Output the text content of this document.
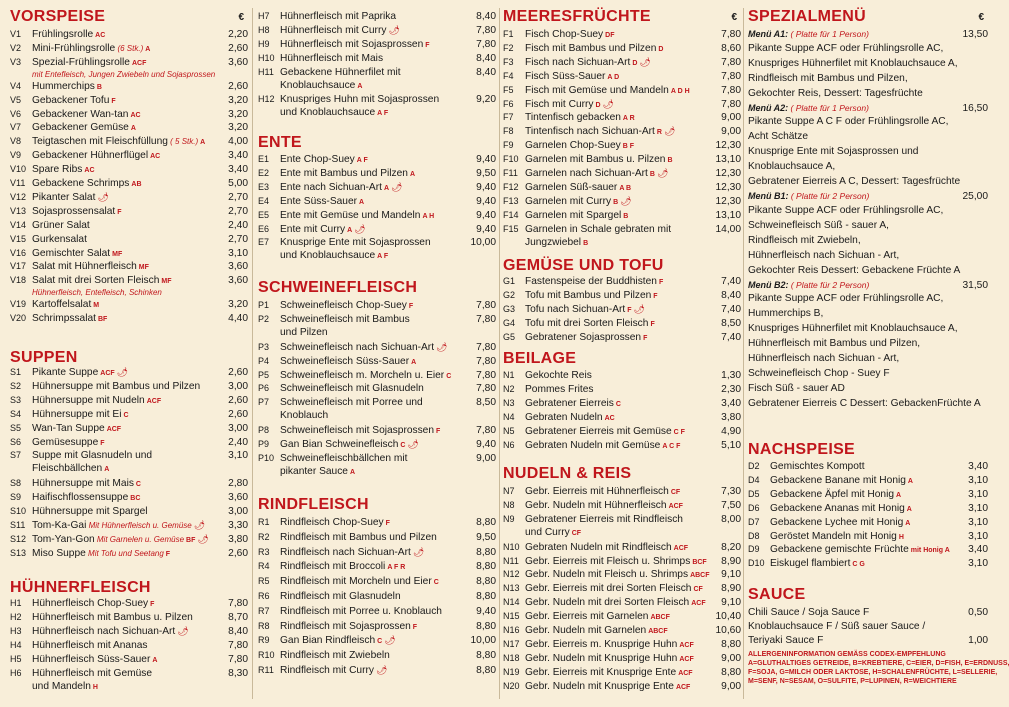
VORSPEISE	€
V1 Frühlingsrolle AC	2,20
V2 Mini-Frühlingsrolle (6 Stk.) A	2,60
V3 Spezial-Frühlingsrolle ACF	3,60
mit Entefleisch, Jungen Zwiebeln und Sojasprossen
V4 Hummerchips B	2,60
V5 Gebackener Tofu F	3,20
V6 Gebackener Wan-tan AC	3,20
V7 Gebackener Gemüse A	3,20
V8 Teigtaschen mit Fleischfüllung ( 5 Stk.) A	4,00
V9 Gebackener Hühnerflügel AC	3,40
V10 Spare Ribs AC	3,40
V11 Gebackene Schrimps AB	5,00
V12 Pikanter Salat 🌶	2,70
V13 Sojasprossensalat F	2,70
V14 Grüner Salat	2,40
V15 Gurkensalat	2,70
V16 Gemischter Salat MF	3,10
V17 Salat mit Hühnerfleisch MF	3,60
V18 Salat mit drei Sorten Fleisch MF	3,60
Hühnerfleisch, Entefleisch, Schinken
V19 Kartoffelsalat M	3,20
V20 Schrimpssalat BF	4,40
SUPPEN
S1 Pikante Suppe ACF 🌶	2,60
S2 Hühnersuppe mit Bambus und Pilzen	3,00
S3 Hühnersuppe mit Nudeln ACF	2,60
S4 Hühnersuppe mit Ei C	2,60
S5 Wan-Tan Suppe ACF	3,00
S6 Gemüsesuppe F	2,40
S7 Suppe mit Glasnudeln und
Fleischbällchen A
3,10
S8 Hühnersuppe mit Mais C	2,80
S9 Haifischflossensuppe BC	3,60
S10 Hühnersuppe mit Spargel	3,00
S11 Tom-Ka-Gai Mit Hühnerfleisch u. Gemüse 🌶	3,30
S12 Tom-Yan-Gon Mit Garnelen u. Gemüse BF 🌶	3,80
S13 Miso Suppe Mit Tofu und Seetang F	2,60
HÜHNERFLEISCH
H1 Hühnerfleisch Chop-Suey F	7,80
H2 Hühnerfleisch mit Bambus u. Pilzen	8,70
H3 Hühnerfleisch nach Sichuan-Art 🌶	8,40
H4 Hühnerfleisch mit Ananas	7,80
H5 Hühnerfleisch Süss-Sauer A	7,80
H6 Hühnerfleisch mit Gemüse
und Mandeln H
8,30
H7 Hühnerfleisch mit Paprika	8,40
H8 Hühnerfleisch mit Curry 🌶	7,80
H9 Hühnerfleisch mit Sojasprossen F	7,80
H10 Hühnerfleisch mit Mais	8,40
H11 Gebackene Hühnerfilet mit
Knoblauchsauce A
8,40
H12 Knuspriges Huhn mit Sojasprossen
und Knoblauchsauce A F
9,20
ENTE
E1 Ente Chop-Suey A F	9,40
E2 Ente mit Bambus und Pilzen A	9,50
E3 Ente nach Sichuan-Art A 🌶	9,40
E4 Ente Süss-Sauer A	9,40
E5 Ente mit Gemüse und Mandeln A H	9,40
E6 Ente mit Curry A 🌶	9,40
E7 Knusprige Ente mit Sojasprossen
und Knoblauchsauce A F
10,00
SCHWEINEFLEISCH
P1 Schweinefleisch Chop-Suey F	7,80
P2 Schweinefleisch mit Bambus
und Pilzen
7,80
P3 Schweinefleisch nach Sichuan-Art 🌶	7,80
P4 Schweinefleisch Süss-Sauer A	7,80
P5 Schweinefleisch m. Morcheln u. Eier C	7,80
P6 Schweinefleisch mit Glasnudeln	7,80
P7 Schweinefleisch mit Porree und
Knoblauch
8,50
P8 Schweinefleisch mit Sojasprossen F	7,80
P9 Gan Bian Schweinefleisch C 🌶	9,40
P10 Schweinefleischbällchen mit
pikanter Sauce A
9,00
RINDFLEISCH
R1 Rindfleisch Chop-Suey F	8,80
R2 Rindfleisch mit Bambus und Pilzen	9,50
R3 Rindfleisch nach Sichuan-Art 🌶	8,80
R4 Rindfleisch mit Broccoli A F R	8,80
R5 Rindfleisch mit Morcheln und Eier C	8,80
R6 Rindfleisch mit Glasnudeln	8,80
R7 Rindfleisch mit Porree u. Knoblauch	9,40
R8 Rindfleisch mit Sojasprossen F	8,80
R9 Gan Bian Rindfleisch C 🌶	10,00
R10 Rindfleisch mit Zwiebeln	8,80
R11 Rindfleisch mit Curry 🌶	8,80
MEERESFRÜCHTE	€
F1 Fisch Chop-Suey DF	7,80
F2 Fisch mit Bambus und Pilzen D	8,60
F3 Fisch nach Sichuan-Art D 🌶	7,80
F4 Fisch Süss-Sauer A D	7,80
F5 Fisch mit Gemüse und Mandeln A D H	7,80
F6 Fisch mit Curry D 🌶	7,80
F7 Tintenfisch gebacken A R	9,00
F8 Tintenfisch nach Sichuan-Art R 🌶	9,00
F9 Garnelen Chop-Suey B F	12,30
F10 Garnelen mit Bambus u. Pilzen B	13,10
F11 Garnelen nach Sichuan-Art B 🌶	12,30
F12 Garnelen Süß-sauer A B	12,30
F13 Garnelen mit Curry B 🌶	12,30
F14 Garnelen mit Spargel B	13,10
F15 Garnelen in Schale gebraten mit
Jungzwiebel B
14,00
GEMÜSE UND TOFU
G1 Fastenspeise der Buddhisten F	7,40
G2 Tofu mit Bambus und Pilzen F	8,40
G3 Tofu nach Sichuan-Art F 🌶	7,40
G4 Tofu mit drei Sorten Fleisch F	8,50
G5 Gebratener Sojasprossen F	7,40
BEILAGE
N1 Gekochte Reis	1,30
N2 Pommes Frites	2,30
N3 Gebratener Eierreis C	3,40
N4 Gebraten Nudeln AC	3,80
N5 Gebratener Eierreis mit Gemüse C F	4,90
N6 Gebraten Nudeln mit Gemüse A C F	5,10
NUDELN & REIS
N7 Gebr. Eierreis mit Hühnerfleisch CF	7,30
N8 Gebr. Nudeln mit Hühnerfleisch ACF	7,50
N9 Gebratener Eierreis mit Rindfleisch
und Curry CF
8,00
N10 Gebraten Nudeln mit Rindfleisch ACF	8,20
N11 Gebr. Eierreis mit Fleisch u. Shrimps BCF 8,90
N12 Gebr. Nudeln mit Fleisch u. Shrimps ABCF 9,10
N13 Gebr. Eierreis mit drei Sorten Fleisch CF	8,90
N14 Gebr. Nudeln mit drei Sorten Fleisch ACF 9,10
N15 Gebr. Eierreis mit Garnelen ABCF	10,40
N16 Gebr. Nudeln mit Garnelen ABCF	10,60
N17 Gebr. Eierreis m. Knusprige Huhn ACF	8,80
N18 Gebr. Nudeln mit Knusprige Huhn ACF	9,00
N19 Gebr. Eierreis mit Knusprige Ente ACF	8,80
N20 Gebr. Nudeln mit Knusprige Ente ACF	9,00
SPEZIALMENÜ	€
Menü A1: ( Platte für 1 Person)	13,50
Pikante Suppe ACF oder Frühlingsrolle AC,
Knuspriges Hühnerfilet mit Knoblauchsauce A,
Rindfleisch mit Bambus und Pilzen,
Gekochter Reis, Dessert: Tagesfrüchte
Menü A2: ( Platte für 1 Person)	16,50
Pikante Suppe A C F oder Frühlingsrolle AC,
Acht Schätze
Knusprige Ente mit Sojasprossen und
Knoblauchsauce A,
Gebratener Eierreis A C, Dessert: Tagesfrüchte
Menü B1: ( Platte für 2 Person)	25,00
Pikante Suppe ACF oder Frühlingsrolle AC,
Schweinefleisch Süß - sauer A,
Rindfleisch mit Zwiebeln,
Hühnerfleisch nach Sichuan - Art,
Gekochter Reis Dessert: Gebackene Früchte A
Menü B2: ( Platte für 2 Person)	31,50
Pikante Suppe ACF oder Frühlingsrolle AC,
Hummerchips B,
Knuspriges Hühnerfilet mit Knoblauchsauce A,
Hühnerfleisch mit Bambus und Pilzen,
Hühnerfleisch nach Sichuan - Art,
Schweinefleisch Chop - Suey F
Fisch Süß - sauer AD
Gebratener Eierreis C Dessert: GebackenFrüchte A
NACHSPEISE
D2 Gemischtes Kompott	3,40
D4 Gebackene Banane mit Honig A	3,10
D5 Gebackene Äpfel mit Honig A	3,10
D6 Gebackene Ananas mit Honig A	3,10
D7 Gebackene Lychee mit Honig A	3,10
D8 Geröstet Mandeln mit Honig H	3,10
D9 Gebackene gemischte Früchte mit Honig A	3,40
D10 Eiskugel flambiert C G	3,10
SAUCE
Chili Sauce / Soja Sauce F	0,50
Knoblauchsauce F / Süß sauer Sauce /
Teriyaki Sauce F	1,00
ALLERGENINFORMATION GEMÄSS CODEX-EMPFEHLUNG
A=GLUTHALTIGES GETREIDE, B=KREBTIERE, C=EIER, D=FISH, E=ERDNUSS,
F=SOJA, G=MILCH ODER LAKTOSE, H=SCHALENFRÜCHTE, L=SELLERIE,
M=SENF, N=SESAM, O=SULFITE, P=LUPINEN, R=WEICHTIERE
